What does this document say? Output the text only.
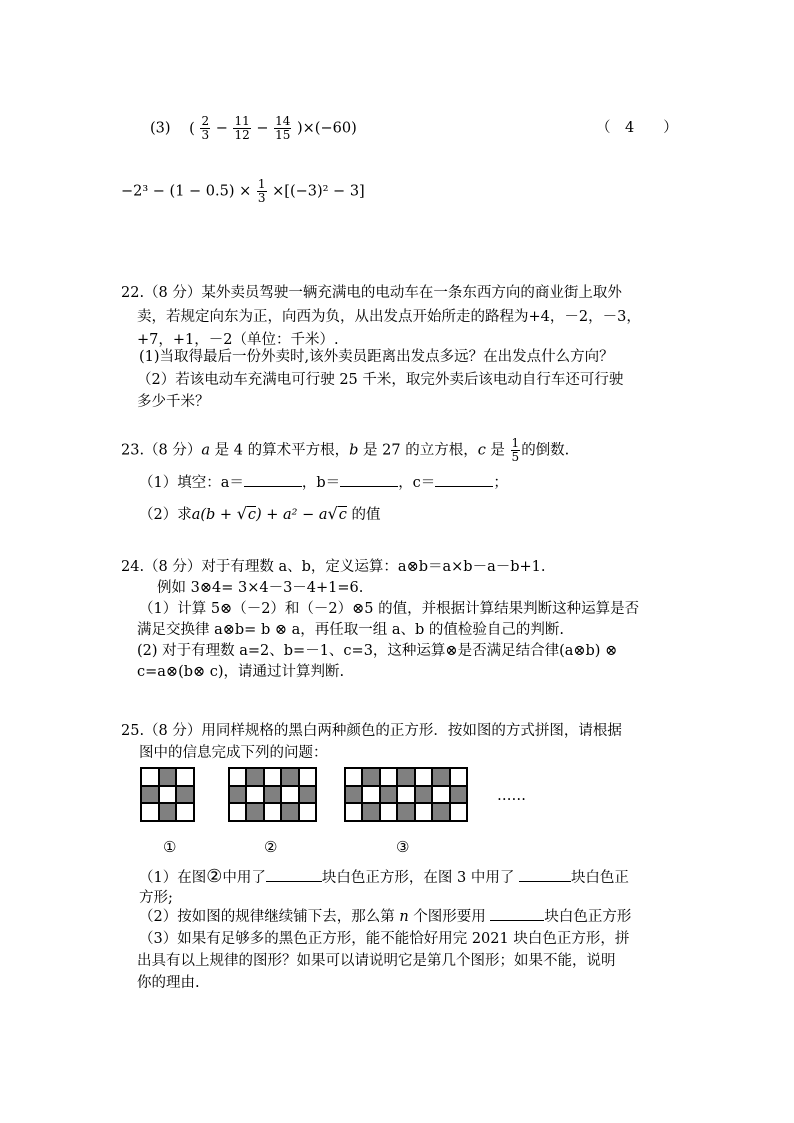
(3) ( $\frac{2}{3} - \frac{11}{12} - \frac{14}{15} )\times(-60)$	（　4　　）
$-2^3 - (1 - 0.5) \times \frac{1}{3} \times[(-3)^2 - 3]$
22.（8 分）某外卖员驾驶一辆充满电的电动车在一条东西方向的商业街上取外
卖，若规定向东为正，向西为负，从出发点开始所走的路程为+4，－2，－3，
+7，+1，－2（单位：千米）.
(1)当取得最后一份外卖时,该外卖员距离出发点多远？在出发点什么方向？
（2）若该电动车充满电可行驶 25 千米，取完外卖后该电动自行车还可行驶
多少千米？
23.（8 分）a 是 4 的算术平方根，b 是 27 的立方根，c 是 $\frac{1}{5}$ 的倒数.
（1）填空：a＝	，b＝	，c＝	；
（2）求a(b + √c) + a² − a√c 的值
24.（8 分）对于有理数 a、b，定义运算：a⊗b＝a×b－a－b+1.
例如 3⊗4= 3×4－3－4+1=6.
（1）计算 5⊗（－2）和（－2）⊗5 的值，并根据计算结果判断这种运算是否
满足交换律 a⊗b= b ⊗ a，再任取一组 a、b 的值检验自己的判断.
(2) 对于有理数 a=2、b=－1、c=3，这种运算⊗是否满足结合律(a⊗b) ⊗
c=a⊗(b⊗ c)，请通过计算判断.
25.（8 分）用同样规格的黑白两种颜色的正方形．按如图的方式拼图，请根据
图中的信息完成下列的问题：
……
①	②	③
（1）在图②中用了	块白色正方形，在图 3 中用了	块白色正
方形;
（2）按如图的规律继续铺下去，那么第 n 个图形要用	块白色正方形
（3）如果有足够多的黑色正方形，能不能恰好用完 2021 块白色正方形，拼
出具有以上规律的图形？如果可以请说明它是第几个图形；如果不能，说明
你的理由.
